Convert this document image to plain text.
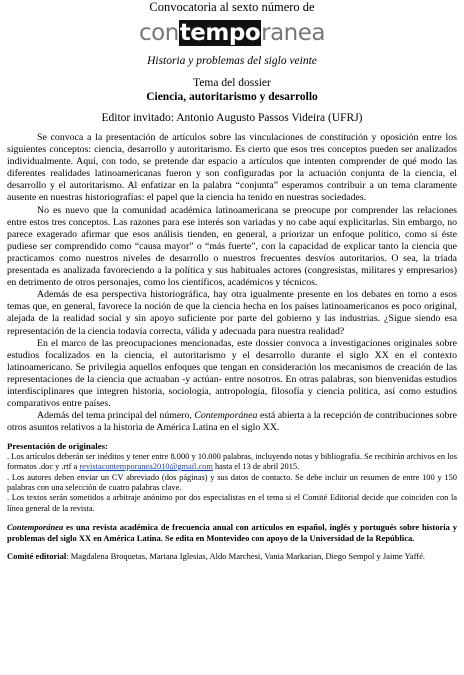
Convocatoria al sexto número de
con tempo ranea
Historia y problemas del siglo veinte
Tema del dossier
Ciencia, autoritarismo y desarrollo
Editor invitado: Antonio Augusto Passos Videira (UFRJ)

Se convoca a la presentación de artículos sobre las vinculaciones de constitución y oposición entre los siguientes conceptos: ciencia, desarrollo y autoritarismo. Es cierto que esos tres conceptos pueden ser analizados individualmente. Aquí, con todo, se pretende dar espacio a artículos que intenten comprender de qué modo las diferentes realidades latinoamericanas fueron y son configuradas por la actuación conjunta de la ciencia, el desarrollo y el autoritarismo. Al enfatizar en la palabra “conjunta” esperamos contribuir a un tema claramente ausente en nuestras historiografías: el papel que la ciencia ha tenido en nuestras sociedades.

No es nuevo que la comunidad académica latinoamericana se preocupe por comprender las relaciones entre estos tres conceptos. Las razones para ese interés son variadas y no cabe aquí explicitarlas. Sin embargo, no parece exagerado afirmar que esos análisis tienden, en general, a priorizar un enfoque político, como si éste pudiese ser comprendido como “causa mayor” o “más fuerte”, con la capacidad de explicar tanto la ciencia que practicamos como nuestros niveles de desarrollo o nuestros frecuentes desvíos autoritarios. O sea, la tríada presentada es analizada favoreciendo a la política y sus habituales actores (congresistas, militares y empresarios) en detrimento de otros personajes, como los científicos, académicos y técnicos.

Además de esa perspectiva historiográfica, hay otra igualmente presente en los debates en torno a esos temas que, en general, favorece la noción de que la ciencia hecha en los países latinoamericanos es poco original, alejada de la realidad social y sin apoyo suficiente por parte del gobierno y las industrias. ¿Sigue siendo esa representación de la ciencia todavía correcta, válida y adecuada para nuestra realidad?

En el marco de las preocupaciones mencionadas, este dossier convoca a investigaciones originales sobre estudios focalizados en la ciencia, el autoritarismo y el desarrollo durante el siglo XX en el contexto latinoamericano. Se privilegia aquellos enfoques que tengan en consideración los mecanismos de creación de las representaciones de la ciencia que actuaban -y actúan- entre nosotros. En otras palabras, son bienvenidas estudios interdisciplinares que integren historia, sociología, antropología, filosofía y ciencia política, así como estudios comparativos entre países.

Además del tema principal del número, Contemporánea está abierta a la recepción de contribuciones sobre otros asuntos relativos a la historia de América Latina en el siglo XX.

Presentación de originales:

. Los artículos deberán ser inéditos y tener entre 8.000 y 10.000 palabras, incluyendo notas y bibliografía. Se recibirán archivos en los formatos .doc y .rtf a revistacontemporanea2010@gmail.com hasta el 13 de abril 2015.

. Los autores deben enviar un CV abreviado (dos páginas) y sus datos de contacto. Se debe incluir un resumen de entre 100 y 150 palabras con una selección de cuatro palabras clave.

. Los textos serán sometidos a arbitraje anónimo por dos especialistas en el tema si el Comité Editorial decide que coinciden con la línea general de la revista.

Contemporánea es una revista académica de frecuencia anual con artículos en español, inglés y portugués sobre historia y problemas del siglo XX en América Latina. Se edita en Montevideo con apoyo de la Universidad de la República.
Comité editorial: Magdalena Broquetas, Mariana Iglesias, Aldo Marchesi, Vania Markarian, Diego Sempol y Jaime Yaffé.
